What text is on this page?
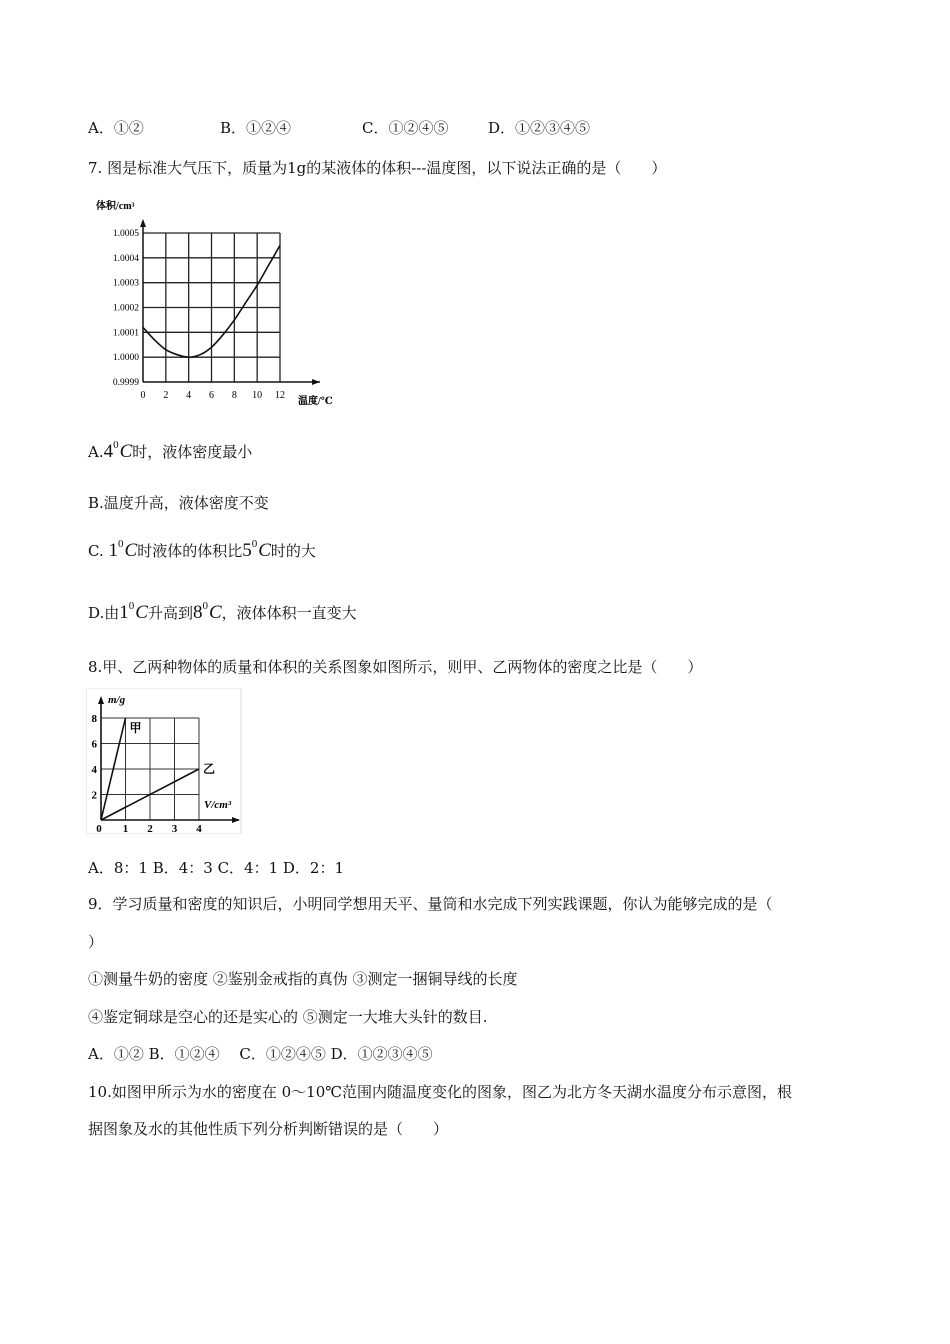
A．①②	B．①②④	C．①②④⑤	D．①②③④⑤
7. 图是标准大气压下，质量为1g的某液体的体积---温度图，以下说法正确的是（　　）
0.9999
1.0000
1.0001
1.0002
1.0003
1.0004
1.0005
0 2 4 6 8 10 12
体积/cm³
温度/℃
$A.4^0C$时，液体密度最小
B.温度升高，液体密度不变
C. $1^0C$时液体的体积比$5^0C$时的大
D.由$1^0C$升高到$8^0C$，液体体积一直变大
8.甲、乙两种物体的质量和体积的关系图象如图所示，则甲、乙两物体的密度之比是（　　）
2
4
6
8
0 1 2 3 4
甲
乙
m/g
V/cm³
A．8：1 B．4：3 C．4：1 D．2：1
9．学习质量和密度的知识后，小明同学想用天平、量筒和水完成下列实践课题，你认为能够完成的是（
）
①测量牛奶的密度 ②鉴别金戒指的真伪 ③测定一捆铜导线的长度
④鉴定铜球是空心的还是实心的 ⑤测定一大堆大头针的数目.
A．①② B．①②④　 C．①②④⑤ D．①②③④⑤
10.如图甲所示为水的密度在 0～10℃范围内随温度变化的图象，图乙为北方冬天湖水温度分布示意图，根
据图象及水的其他性质下列分析判断错误的是（　　）
